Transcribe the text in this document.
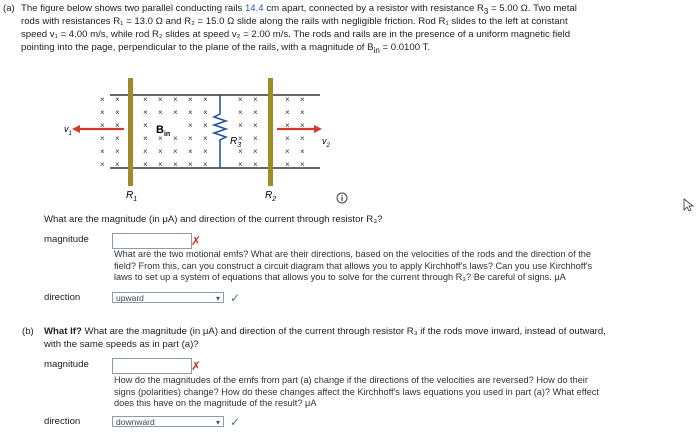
(a) The figure below shows two parallel conducting rails 14.4 cm apart, connected by a resistor with resistance $R_3 = 5.00$ Ω. Two metal
rods with resistances R₁ = 13.0 Ω and R₂ = 15.0 Ω slide along the rails with negligible friction. Rod R₁ slides to the left at constant
speed v₁ = 4.00 m/s, while rod R₂ slides at speed v₂ = 2.00 m/s. The rods and rails are in the presence of a uniform magnetic field
pointing into the page, perpendicular to the plane of the rails, with a magnitude of $B_{in} = 0.0100$ T.
× ×	× × × × ×	× ×	× ×
× ×	× × × × ×	× ×	× ×
× ×	×	× ×	× ×	× ×
× ×	× × × × ×	× ×	× ×
× ×	× × × × ×	× ×	× ×
× ×	× × × × ×	× ×	× ×
$B_{in}$
$R_3$
$v_1$
$v_2$
$R_1$	$R_2$
What are the magnitude (in μA) and direction of the current through resistor R₃?
magnitude	✗
What are the two motional emfs? What are their directions, based on the velocities of the rods and the direction of the
field? From this, can you construct a circuit diagram that allows you to apply Kirchhoff's laws? Can you use Kirchhoff's
laws to set up a system of equations that allows you to solve for the current through R₃? Be careful of signs. μA
direction	upward	▾ ✓
(b) What If? What are the magnitude (in μA) and direction of the current through resistor R₃ if the rods move inward, instead of outward,
with the same speeds as in part (a)?
magnitude	✗
How do the magnitudes of the emfs from part (a) change if the directions of the velocities are reversed? How do their
signs (polarities) change? How do these changes affect the Kirchhoff's laws equations you used in part (a)? What effect
does this have on the magnitude of the result? μA
direction	downward	▾ ✓
